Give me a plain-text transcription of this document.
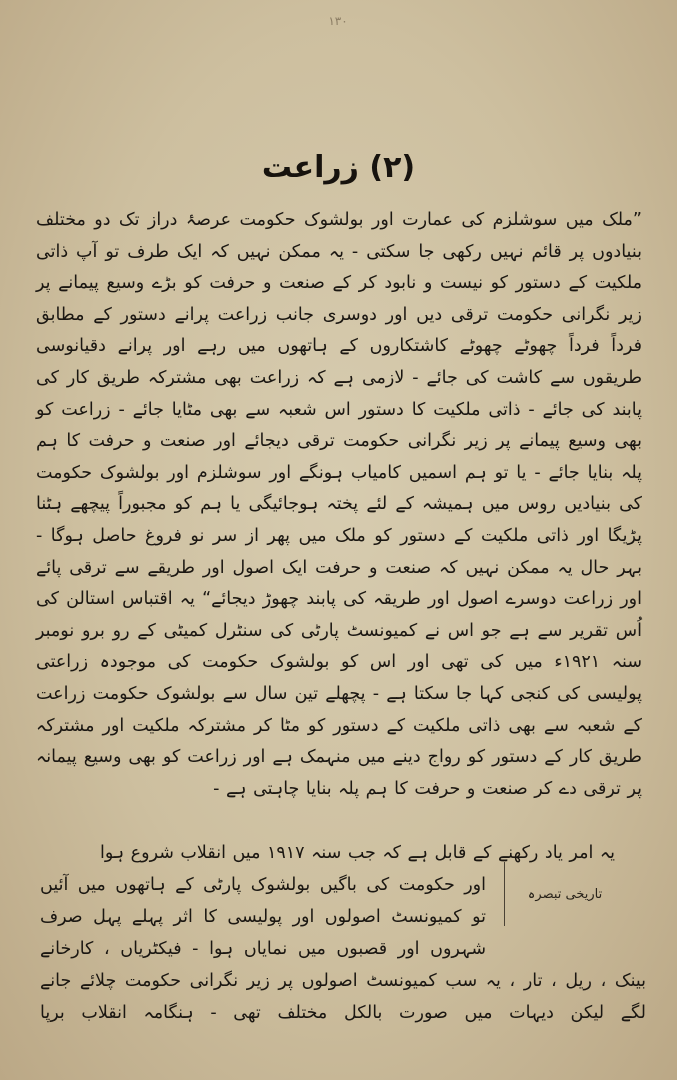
۱۳۰
(۲) زراعت
”ملک میں سوشلزم کی عمارت اور بولشوک حکومت عرصۂ دراز تک دو مختلف بنیادوں پر قائم نہیں رکھی جا سکتی - یہ ممکن نہیں کہ ایک طرف تو آپ ذاتی ملکیت کے دستور کو نیست و نابود کر کے صنعت و حرفت کو بڑے وسیع پیمانے پر زیر نگرانی حکومت ترقی دیں اور دوسری جانب زراعت پرانے دستور کے مطابق فرداً فرداً چھوٹے چھوٹے کاشتکاروں کے ہاتھوں میں رہے اور پرانے دقیانوسی طریقوں سے کاشت کی جائے - لازمی ہے کہ زراعت بھی مشترکہ طریق کار کی پابند کی جائے - ذاتی ملکیت کا دستور اس شعبہ سے بھی مٹایا جائے - زراعت کو بھی وسیع پیمانے پر زیر نگرانی حکومت ترقی دیجائے اور صنعت و حرفت کا ہم پلہ بنایا جائے - یا تو ہم اسمیں کامیاب ہونگے اور سوشلزم اور بولشوک حکومت کی بنیادیں روس میں ہمیشہ کے لئے پختہ ہوجائیگی یا ہم کو مجبوراً پیچھے ہٹنا پڑیگا اور ذاتی ملکیت کے دستور کو ملک میں پھر از سر نو فروغ حاصل ہوگا - بہر حال یہ ممکن نہیں کہ صنعت و حرفت ایک اصول اور طریقے سے ترقی پائے اور زراعت دوسرے اصول اور طریقہ کی پابند چھوڑ دیجائے“ یہ اقتباس استالن کی اُس تقریر سے ہے جو اس نے کمیونسٹ پارٹی کی سنٹرل کمیٹی کے رو برو نومبر سنہ ۱۹۲۱ء میں کی تھی اور اس کو بولشوک حکومت کی موجودہ زراعتی پولیسی کی کنجی کہا جا سکتا ہے - پچھلے تین سال سے بولشوک حکومت زراعت کے شعبہ سے بھی ذاتی ملکیت کے دستور کو مٹا کر مشترکہ ملکیت اور مشترکہ طریق کار کے دستور کو رواج دینے میں منہمک ہے اور زراعت کو بھی وسیع پیمانہ پر ترقی دے کر صنعت و حرفت کا ہم پلہ بنایا چاہتی ہے -
تاریخی تبصرہ
یہ امر یاد رکھنے کے قابل ہے کہ جب سنہ ۱۹۱۷ میں انقلاب شروع ہوا
اور حکومت کی باگیں بولشوک پارٹی کے ہاتھوں میں آئیں
تو کمیونسٹ اصولوں اور پولیسی کا اثر پہلے پہل صرف
شہروں اور قصبوں میں نمایاں ہوا - فیکٹریاں ، کارخانے
بینک ، ریل ، تار ، یہ سب کمیونسٹ اصولوں پر زیر نگرانی حکومت چلائے جانے
لگے لیکن دیہات میں صورت بالکل مختلف تھی - ہنگامہ انقلاب برپا
